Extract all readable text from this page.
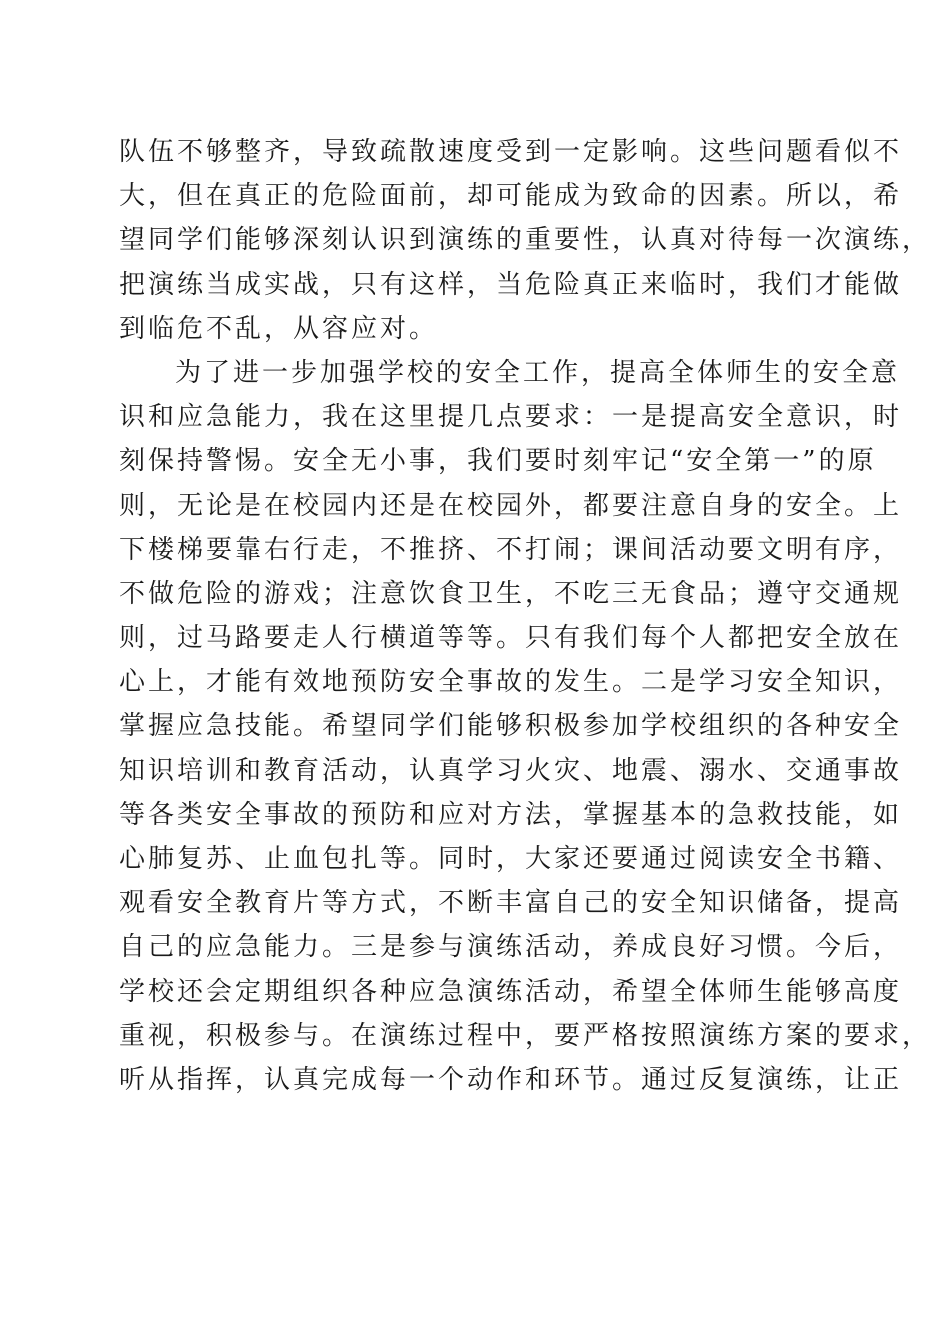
队伍不够整齐，导致疏散速度受到一定影响。这些问题看似不
大，但在真正的危险面前，却可能成为致命的因素。所以，希
望同学们能够深刻认识到演练的重要性，认真对待每一次演练，
把演练当成实战，只有这样，当危险真正来临时，我们才能做
到临危不乱，从容应对。
为了进一步加强学校的安全工作，提高全体师生的安全意
识和应急能力，我在这里提几点要求：一是提高安全意识，时
刻保持警惕。安全无小事，我们要时刻牢记“安全第一”的原
则，无论是在校园内还是在校园外，都要注意自身的安全。上
下楼梯要靠右行走，不推挤、不打闹；课间活动要文明有序，
不做危险的游戏；注意饮食卫生，不吃三无食品；遵守交通规
则，过马路要走人行横道等等。只有我们每个人都把安全放在
心上，才能有效地预防安全事故的发生。二是学习安全知识，
掌握应急技能。希望同学们能够积极参加学校组织的各种安全
知识培训和教育活动，认真学习火灾、地震、溺水、交通事故
等各类安全事故的预防和应对方法，掌握基本的急救技能，如
心肺复苏、止血包扎等。同时，大家还要通过阅读安全书籍、
观看安全教育片等方式，不断丰富自己的安全知识储备，提高
自己的应急能力。三是参与演练活动，养成良好习惯。今后，
学校还会定期组织各种应急演练活动，希望全体师生能够高度
重视，积极参与。在演练过程中，要严格按照演练方案的要求，
听从指挥，认真完成每一个动作和环节。通过反复演练，让正
